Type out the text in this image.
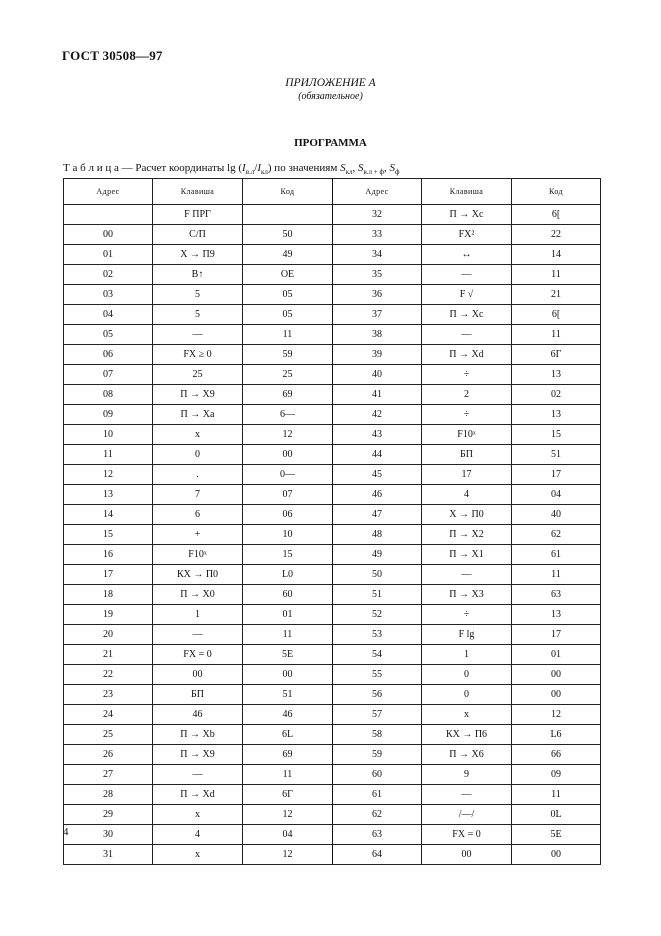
ГОСТ 30508—97
ПРИЛОЖЕНИЕ А
(обязательное)
ПРОГРАММА
Т а б л и ц а — Расчет координаты $\lg (I_{в.л}/I_{кл})$ по значениям $S_{кл}$, $S_{в.л + ф}$, $S_ф$
Адрес	Клавиша	Код	Адрес	Клавиша	Код
	F ПРГ		32	П → Хс	6[
00	С/П	50	33	FX²	22
01	Х → П9	49	34	↔	14
02	В↑	ОЕ	35	—	11
03	5	05	36	F √	21
04	5	05	37	П → Хс	6[
05	—	11	38	—	11
06	FX ≥ 0	59	39	П → Xd	6Г
07	25	25	40	÷	13
08	П → Х9	69	41	2	02
09	П → Ха	6—	42	÷	13
10	х	12	43	F10ˣ	15
11	0	00	44	БП	51
12	.	0—	45	17	17
13	7	07	46	4	04
14	6	06	47	Х → П0	40
15	+	10	48	П → Х2	62
16	F10ˣ	15	49	П → Х1	61
17	КХ → П0	L0	50	—	11
18	П → Х0	60	51	П → Х3	63
19	1	01	52	÷	13
20	—	11	53	F lg	17
21	FX = 0	5Е	54	1	01
22	00	00	55	0	00
23	БП	51	56	0	00
24	46	46	57	х	12
25	П → Xb	6L	58	КХ → П6	L6
26	П → Х9	69	59	П → Х6	66
27	—	11	60	9	09
28	П → Xd	6Г	61	—	11
29	х	12	62	/—/	0L
30	4	04	63	FX = 0	5Е
31	х	12	64	00	00
4
